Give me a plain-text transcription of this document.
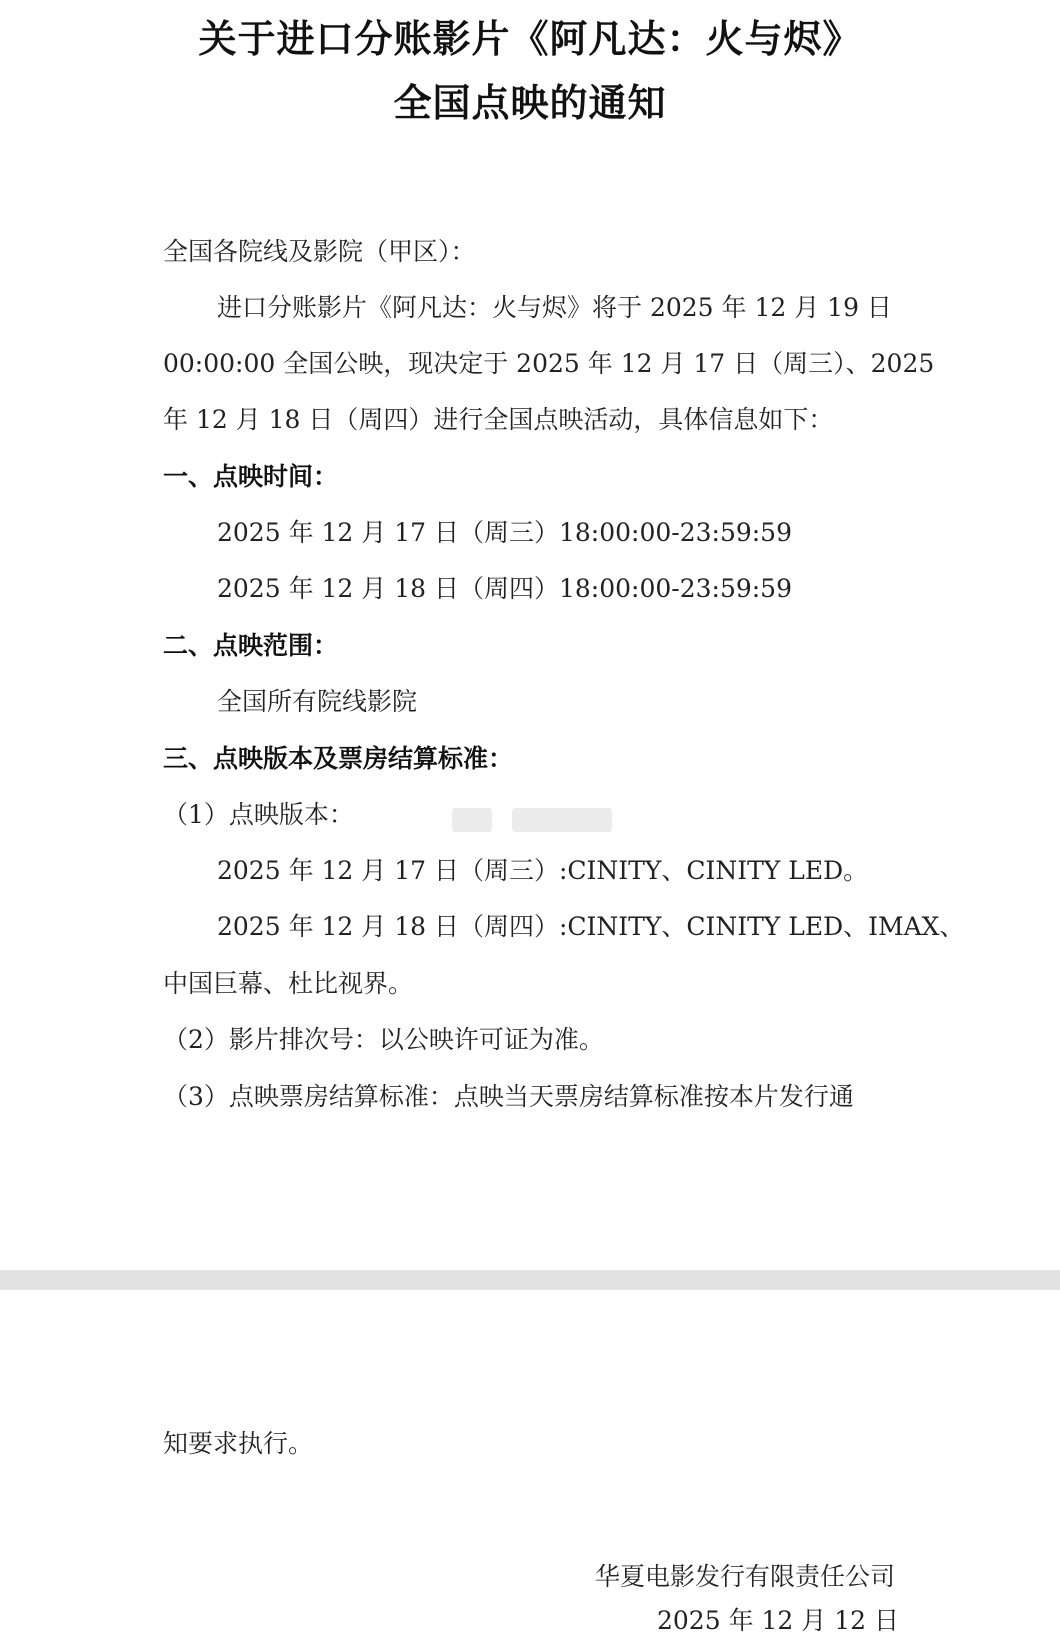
关于进口分账影片《阿凡达：火与烬》
全国点映的通知
全国各院线及影院（甲区）：
进口分账影片《阿凡达：火与烬》将于 2025 年 12 月 19 日
00:00:00 全国公映，现决定于 2025 年 12 月 17 日（周三）、2025
年 12 月 18 日（周四）进行全国点映活动，具体信息如下：
一、点映时间：
2025 年 12 月 17 日（周三）18:00:00-23:59:59
2025 年 12 月 18 日（周四）18:00:00-23:59:59
二、点映范围：
全国所有院线影院
三、点映版本及票房结算标准：
（1）点映版本：
2025 年 12 月 17 日（周三）:CINITY、CINITY LED。
2025 年 12 月 18 日（周四）:CINITY、CINITY LED、IMAX、
中国巨幕、杜比视界。
（2）影片排次号：以公映许可证为准。
（3）点映票房结算标准：点映当天票房结算标准按本片发行通
知要求执行。
华夏电影发行有限责任公司
2025 年 12 月 12 日
